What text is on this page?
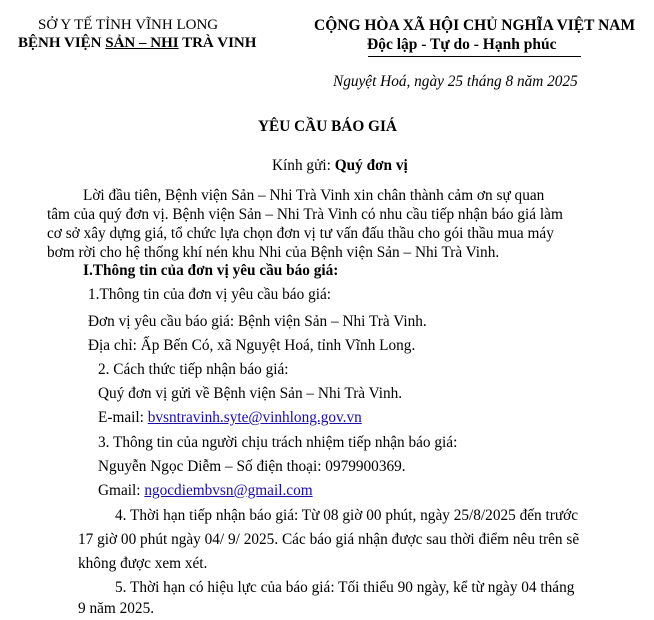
SỞ Y TẾ TỈNH VĨNH LONG
BỆNH VIỆN SẢN – NHI TRÀ VINH
CỘNG HÒA XÃ HỘI CHỦ NGHĨA VIỆT NAM
Độc lập - Tự do - Hạnh phúc
Nguyệt Hoá, ngày 25 tháng 8 năm 2025
YÊU CẦU BÁO GIÁ
Kính gửi: Quý đơn vị
Lời đầu tiên, Bệnh viện Sản – Nhi Trà Vinh xin chân thành cảm ơn sự quan
tâm của quý đơn vị. Bệnh viện Sản – Nhi Trà Vinh có nhu cầu tiếp nhận báo giá làm
cơ sở xây dựng giá, tổ chức lựa chọn đơn vị tư vấn đấu thầu cho gói thầu mua máy
bơm rời cho hệ thống khí nén khu Nhi của Bệnh viện Sản – Nhi Trà Vinh.
I.Thông tin của đơn vị yêu cầu báo giá:
1.Thông tin của đơn vị yêu cầu báo giá:
Đơn vị yêu cầu báo giá: Bệnh viện Sản – Nhi Trà Vinh.
Địa chỉ: Ấp Bến Có, xã Nguyệt Hoá, tỉnh Vĩnh Long.
2. Cách thức tiếp nhận báo giá:
Quý đơn vị gửi về Bệnh viện Sản – Nhi Trà Vinh.
E-mail: bvsntravinh.syte@vinhlong.gov.vn
3. Thông tin của người chịu trách nhiệm tiếp nhận báo giá:
Nguyễn Ngọc Diễm – Số điện thoại: 0979900369.
Gmail: ngocdiembvsn@gmail.com
4. Thời hạn tiếp nhận báo giá: Từ 08 giờ 00 phút, ngày 25/8/2025 đến trước
17 giờ 00 phút ngày 04/ 9/ 2025. Các báo giá nhận được sau thời điểm nêu trên sẽ
không được xem xét.
5. Thời hạn có hiệu lực của báo giá: Tối thiểu 90 ngày, kể từ ngày 04 tháng
9 năm 2025.
